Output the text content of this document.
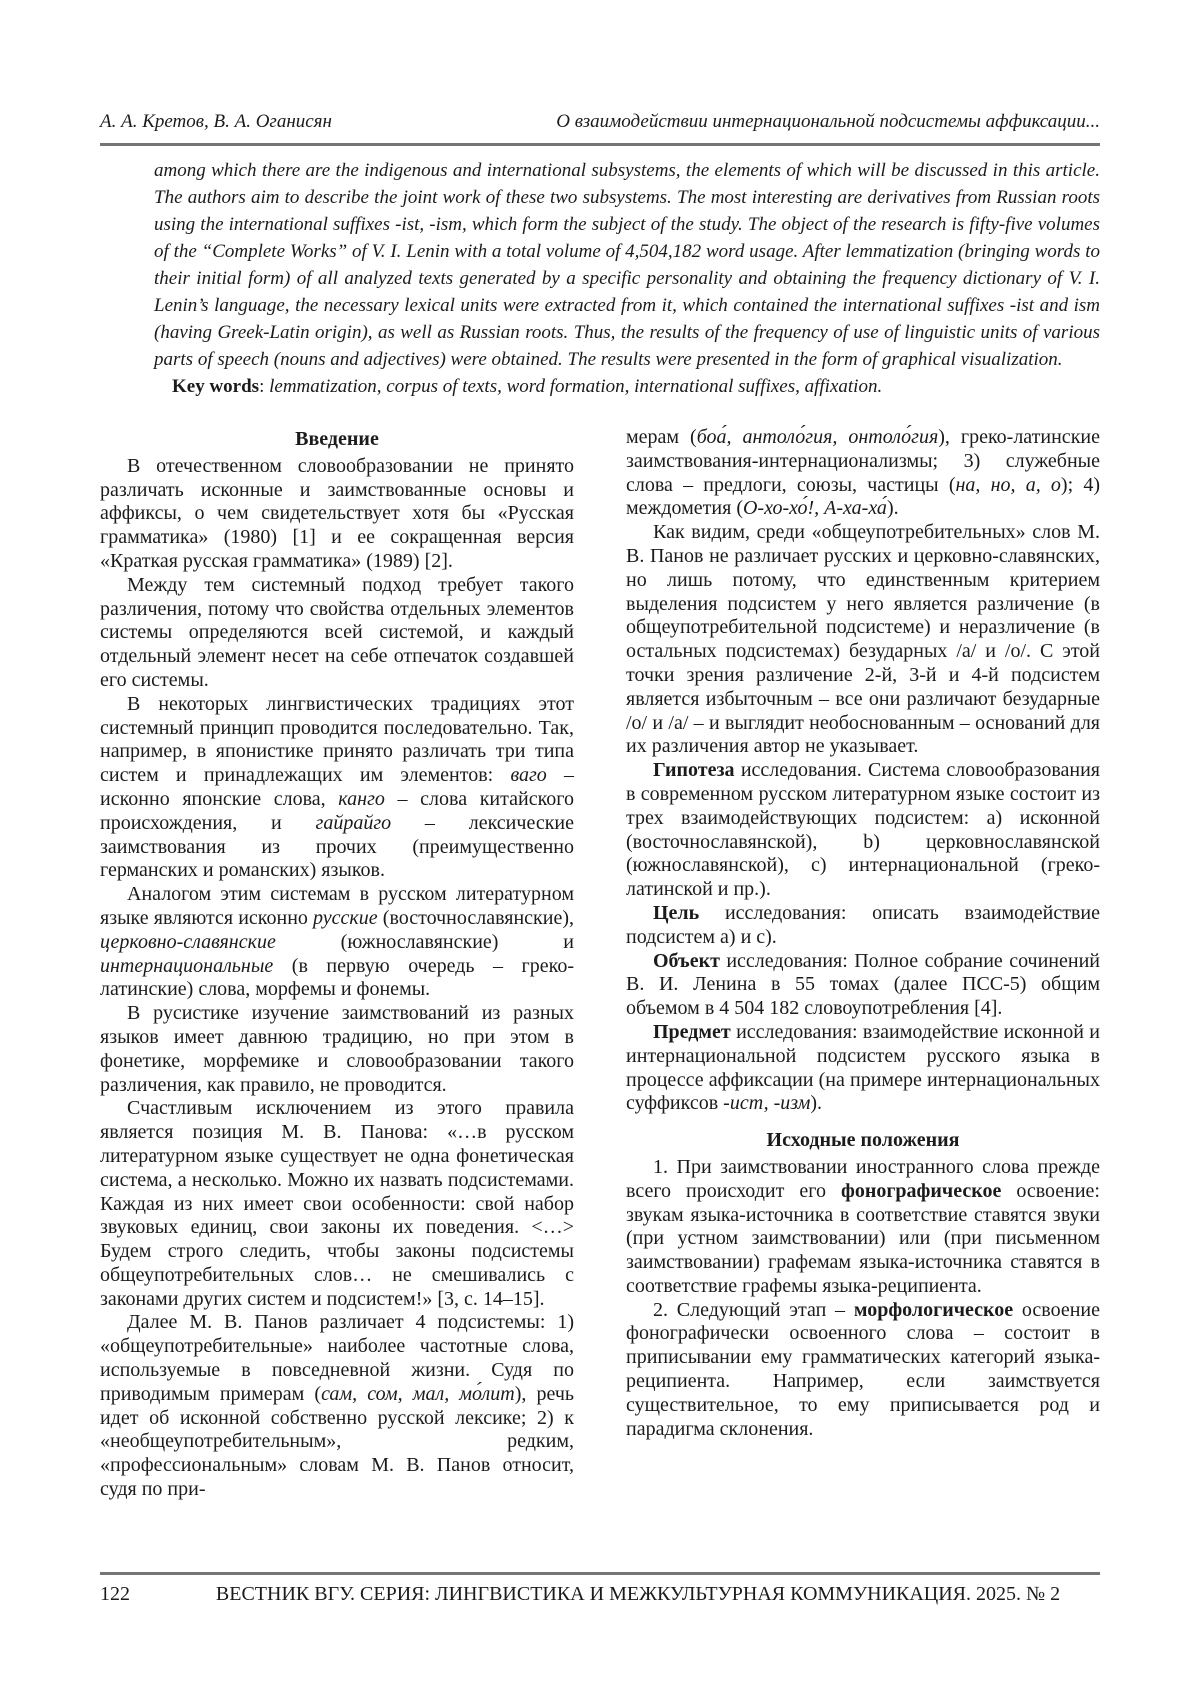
А. А. Кретов, В. А. Оганисян	О взаимодействии интернациональной подсистемы аффиксации...
among which there are the indigenous and international subsystems, the elements of which will be discussed in this article. The authors aim to describe the joint work of these two subsystems. The most interesting are derivatives from Russian roots using the international suffixes -ist, -ism, which form the subject of the study. The object of the research is fifty-five volumes of the “Complete Works” of V. I. Lenin with a total volume of 4,504,182 word usage. After lemmatization (bringing words to their initial form) of all analyzed texts generated by a specific personality and obtaining the frequency dictionary of V. I. Lenin’s language, the necessary lexical units were extracted from it, which contained the international suffixes -ist and ism (having Greek-Latin origin), as well as Russian roots. Thus, the results of the frequency of use of linguistic units of various parts of speech (nouns and adjectives) were obtained. The results were presented in the form of graphical visualization.
Key words: lemmatization, corpus of texts, word formation, international suffixes, affixation.
Введение
В отечественном словообразовании не принято различать исконные и заимствованные основы и аффиксы, о чем свидетельствует хотя бы «Русская грамматика» (1980) [1] и ее сокращенная версия «Краткая русская грамматика» (1989) [2].
Между тем системный подход требует такого различения, потому что свойства отдельных элементов системы определяются всей системой, и каждый отдельный элемент несет на себе отпечаток создавшей его системы.
В некоторых лингвистических традициях этот системный принцип проводится последовательно. Так, например, в японистике принято различать три типа систем и принадлежащих им элементов: ваго – исконно японские слова, канго – слова китайского происхождения, и гайрайго – лексические заимствования из прочих (преимущественно германских и романских) языков.
Аналогом этим системам в русском литературном языке являются исконно русские (восточнославянские), церковно-славянские (южнославянские) и интернациональные (в первую очередь – греко-латинские) слова, морфемы и фонемы.
В русистике изучение заимствований из разных языков имеет давнюю традицию, но при этом в фонетике, морфемике и словообразовании такого различения, как правило, не проводится.
Счастливым исключением из этого правила является позиция М. В. Панова: «…в русском литературном языке существует не одна фонетическая система, а несколько. Можно их назвать подсистемами. Каждая из них имеет свои особенности: свой набор звуковых единиц, свои законы их поведения. <…> Будем строго следить, чтобы законы подсистемы общеупотребительных слов… не смешивались с законами других систем и подсистем!» [3, с. 14–15].
Далее М. В. Панов различает 4 подсистемы: 1) «общеупотребительные» наиболее частотные слова, используемые в повседневной жизни. Судя по приводимым примерам (сам, сом, мал, мо́лит), речь идет об исконной собственно русской лексике; 2) к «необщеупотребительным», редким, «профессиональным» словам М. В. Панов относит, судя по при-
мерам (боа́, антоло́гия, онтоло́гия), греко-латинские заимствования-интернационализмы; 3) служебные слова – предлоги, союзы, частицы (на, но, а, о); 4) междометия (О-хо-хо́!, А-ха-ха́).
Как видим, среди «общеупотребительных» слов М. В. Панов не различает русских и церковно-славянских, но лишь потому, что единственным критерием выделения подсистем у него является различение (в общеупотребительной подсистеме) и неразличение (в остальных подсистемах) безударных /а/ и /о/. С этой точки зрения различение 2-й, 3-й и 4-й подсистем является избыточным – все они различают безударные /о/ и /а/ – и выглядит необоснованным – оснований для их различения автор не указывает.
Гипотеза исследования. Система словообразования в современном русском литературном языке состоит из трех взаимодействующих подсистем: а) исконной (восточнославянской), b) церковнославянской (южнославянской), c) интернациональной (греко-латинской и пр.).
Цель исследования: описать взаимодействие подсистем а) и с).
Объект исследования: Полное собрание сочинений В. И. Ленина в 55 томах (далее ПСС-5) общим объемом в 4 504 182 словоупотребления [4].
Предмет исследования: взаимодействие исконной и интернациональной подсистем русского языка в процессе аффиксации (на примере интернациональных суффиксов -ист, -изм).
Исходные положения
1. При заимствовании иностранного слова прежде всего происходит его фонографическое освоение: звукам языка-источника в соответствие ставятся звуки (при устном заимствовании) или (при письменном заимствовании) графемам языка-источника ставятся в соответствие графемы языка-реципиента.
2. Следующий этап – морфологическое освоение фонографически освоенного слова – состоит в приписывании ему грамматических категорий языка-реципиента. Например, если заимствуется существительное, то ему приписывается род и парадигма склонения.
122	ВЕСТНИК ВГУ. СЕРИЯ: ЛИНГВИСТИКА И МЕЖКУЛЬТУРНАЯ КОММУНИКАЦИЯ. 2025. № 2
